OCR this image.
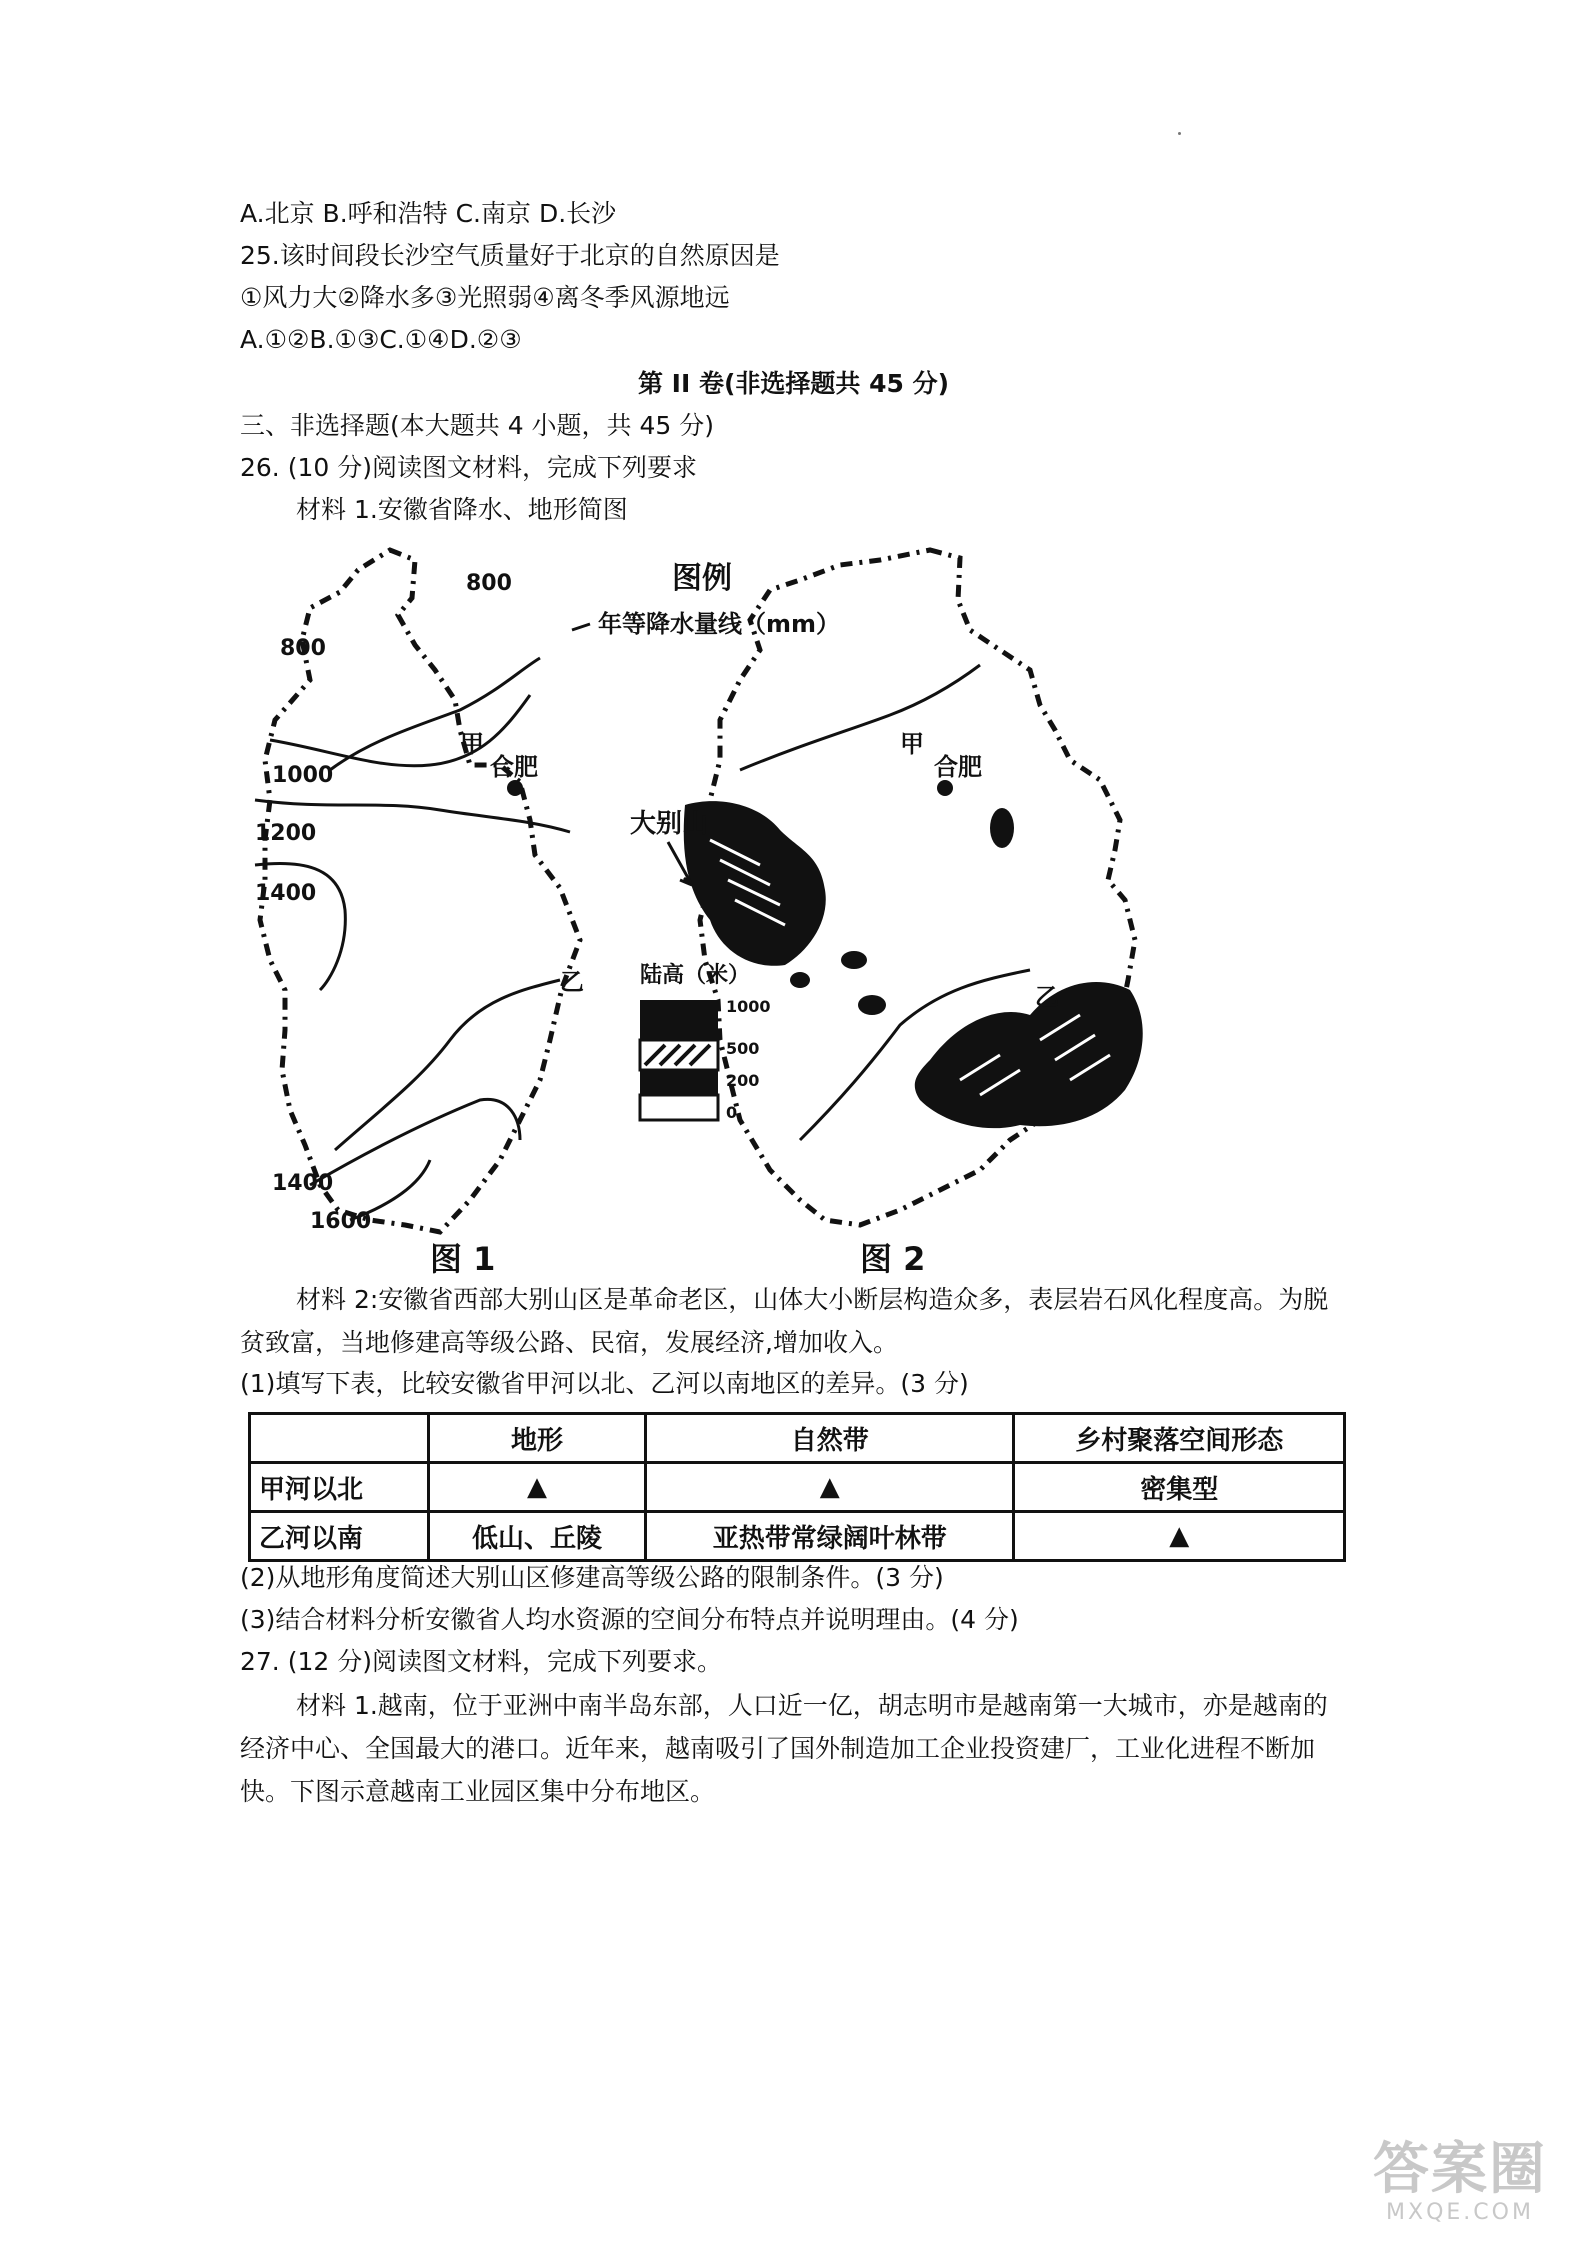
A.北京 B.呼和浩特 C.南京 D.长沙
25.该时间段长沙空气质量好于北京的自然原因是
①风力大②降水多③光照弱④离冬季风源地远
A.①②B.①③C.①④D.②③
第 II 卷(非选择题共 45 分)
三、非选择题(本大题共 4 小题，共 45 分)
26. (10 分)阅读图文材料，完成下列要求
材料 1.安徽省降水、地形简图
图例
年等降水量线（mm）
800
800
1000
1200
1400
1400
1600
甲
合肥
乙
图 1
大别山
甲
合肥
乙
陆高（米）
1000
500
200
0
图 2
材料 2:安徽省西部大别山区是革命老区，山体大小断层构造众多，表层岩石风化程度高。为脱贫致富，当地修建高等级公路、民宿，发展经济,增加收入。
(1)填写下表，比较安徽省甲河以北、乙河以南地区的差异。(3 分)
	地形	自然带	乡村聚落空间形态
甲河以北	▲	▲	密集型
乙河以南	低山、丘陵	亚热带常绿阔叶林带	▲
(2)从地形角度简述大别山区修建高等级公路的限制条件。(3 分)
(3)结合材料分析安徽省人均水资源的空间分布特点并说明理由。(4 分)
27. (12 分)阅读图文材料，完成下列要求。
材料 1.越南，位于亚洲中南半岛东部，人口近一亿，胡志明市是越南第一大城市，亦是越南的经济中心、全国最大的港口。近年来，越南吸引了国外制造加工企业投资建厂，工业化进程不断加快。下图示意越南工业园区集中分布地区。
答案圈
MXQE.COM
